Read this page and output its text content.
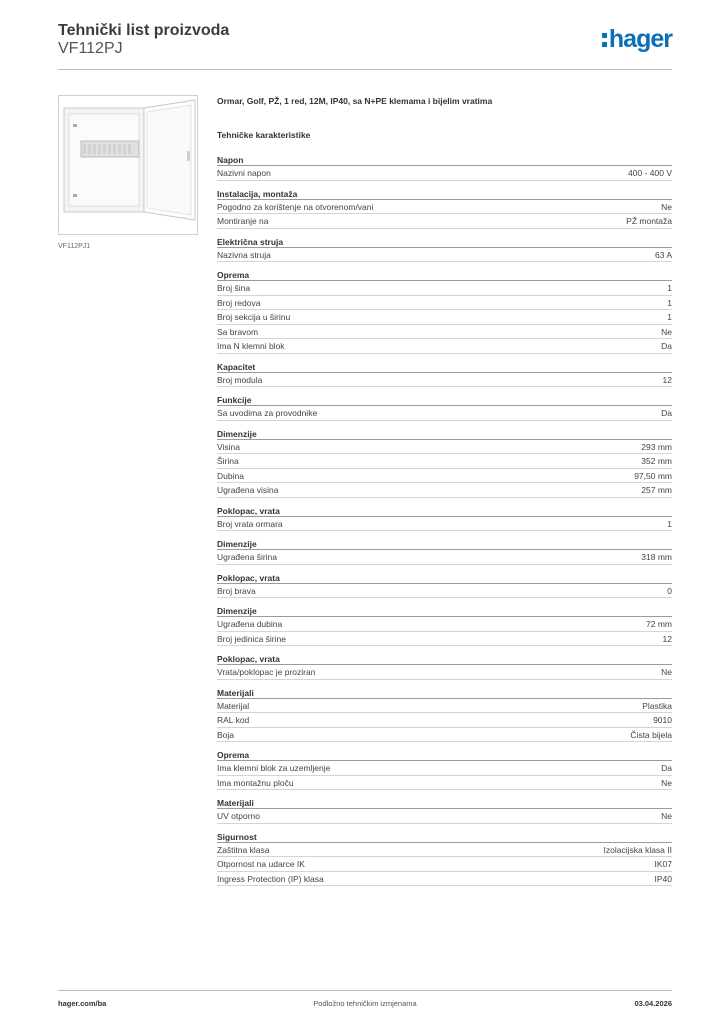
Tehnički list proizvoda
VF112PJ	hager
VF112PJ1
Ormar, Golf, PŽ, 1 red, 12M, IP40, sa N+PE klemama i bijelim vratima
Tehničke karakteristike
Napon
Nazivni napon	400 - 400 V
Instalacija, montaža
Pogodno za korištenje na otvorenom/vani	Ne
Montiranje na	PŽ montaža
Električna struja
Nazivna struja	63 A
Oprema
Broj šina	1
Broj redova	1
Broj sekcija u širinu	1
Sa bravom	Ne
Ima N klemni blok	Da
Kapacitet
Broj modula	12
Funkcije
Sa uvodima za provodnike	Da
Dimenzije
Visina	293 mm
Širina	352 mm
Dubina	97,50 mm
Ugrađena visina	257 mm
Poklopac, vrata
Broj vrata ormara	1
Dimenzije
Ugrađena širina	318 mm
Poklopac, vrata
Broj brava	0
Dimenzije
Ugrađena dubina	72 mm
Broj jedinica širine	12
Poklopac, vrata
Vrata/poklopac je proziran	Ne
Materijali
Materijal	Plastika
RAL kod	9010
Boja	Čista bijela
Oprema
Ima klemni blok za uzemljenje	Da
Ima montažnu ploču	Ne
Materijali
UV otporno	Ne
Sigurnost
Zaštitna klasa	Izolacijska klasa II
Otpornost na udarce IK	IK07
Ingress Protection (IP) klasa	IP40
hager.com/ba	Podložno tehničkim izmjenama	03.04.2026
